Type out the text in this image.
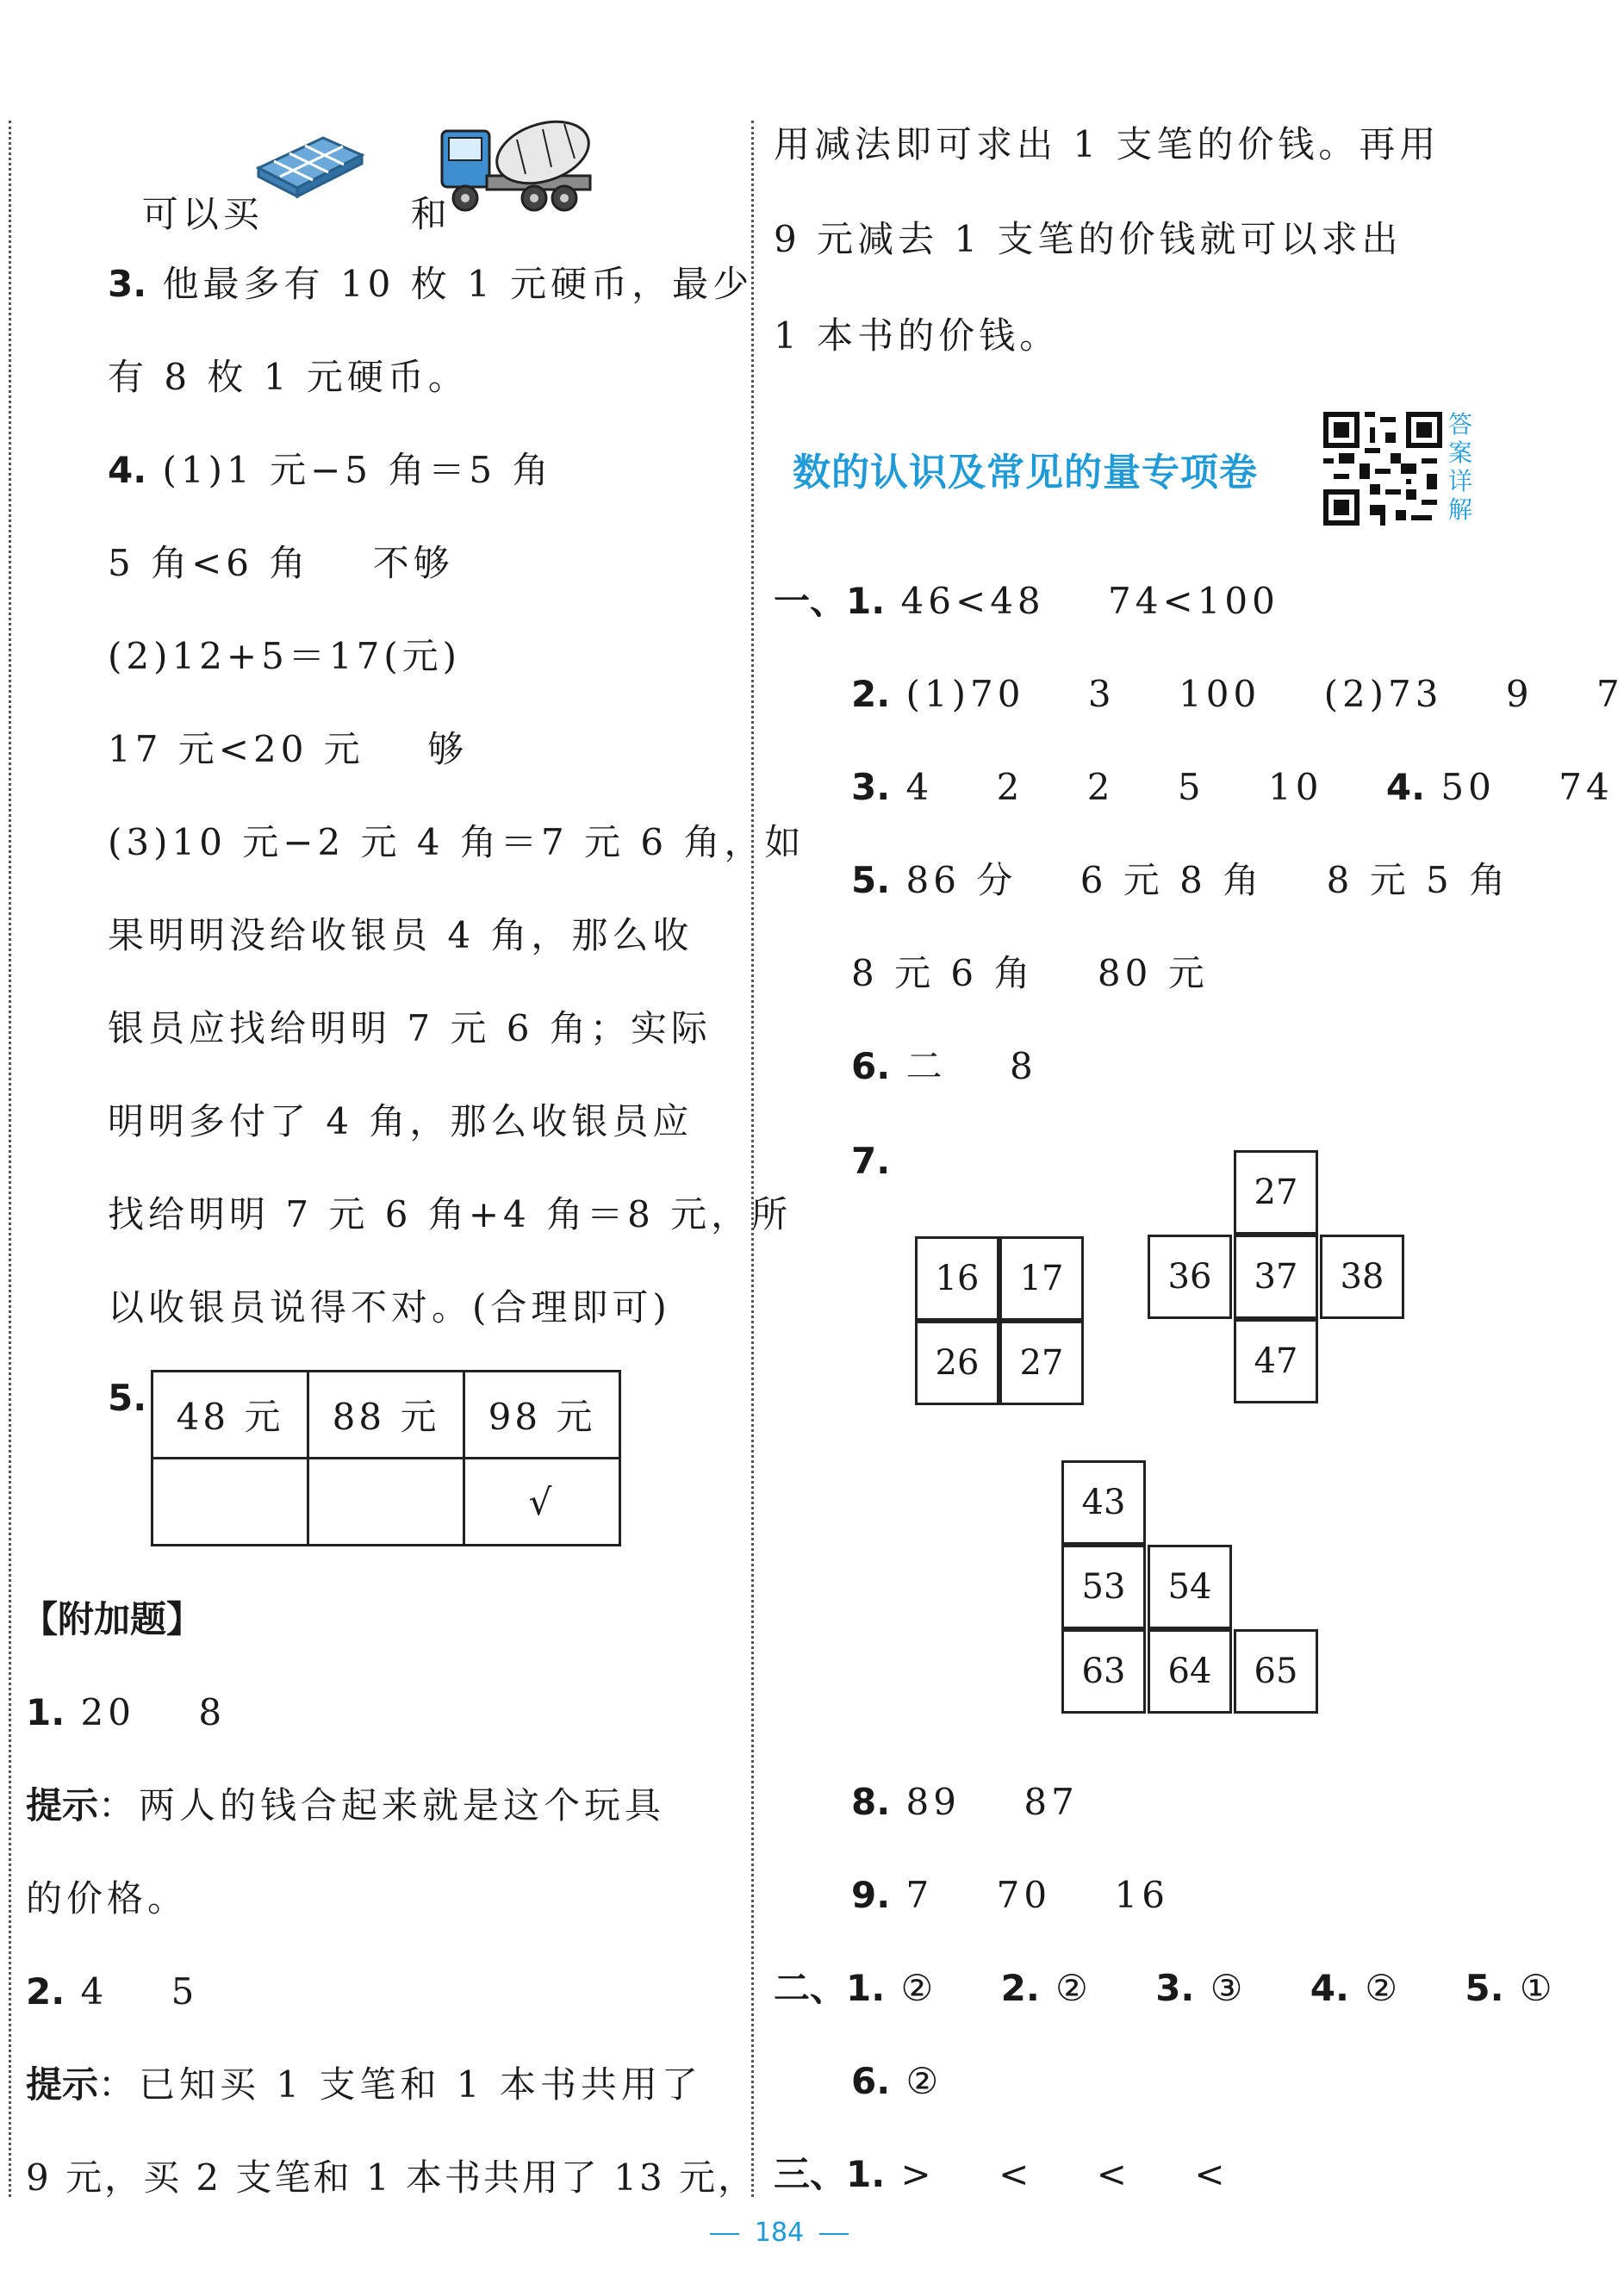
可以买	和

3. 他最多有 10 枚 1 元硬币，最少
有 8 枚 1 元硬币。
4. (1)1 元−5 角＝5 角
5 角<6 角    不够
(2)12+5＝17(元)
17 元<20 元    够
(3)10 元−2 元 4 角＝7 元 6 角，如
果明明没给收银员 4 角，那么收
银员应找给明明 7 元 6 角；实际
明明多付了 4 角，那么收银员应
找给明明 7 元 6 角+4 角＝8 元，所
以收银员说得不对。(合理即可)
5. 48 元	88 元	98 元
		√
【附加题】
1. 20    8
提示：两人的钱合起来就是这个玩具
的价格。
2. 4    5
提示：已知买 1 支笔和 1 本书共用了
9 元，买 2 支笔和 1 本书共用了 13 元，
用减法即可求出 1 支笔的价钱。再用
9 元减去 1 支笔的价钱就可以求出
1 本书的价钱。
数的认识及常见的量专项卷
答
案
详
解
一、1. 46<48    74<100
2. (1)70    3    100    (2)73    9    7
3. 4    2    2    5    10 4. 50    74
5. 86 分    6 元 8 角    8 元 5 角
8 元 6 角    80 元
6. 二    8
7.
16	17
26	27
27
36	37	38
47
43
53	54
63	64	65
8. 89    87
9. 7    70    16
二、1. ②    2. ②    3. ③    4. ②    5. ①
6. ②
三、1. >    <    <    <
184
